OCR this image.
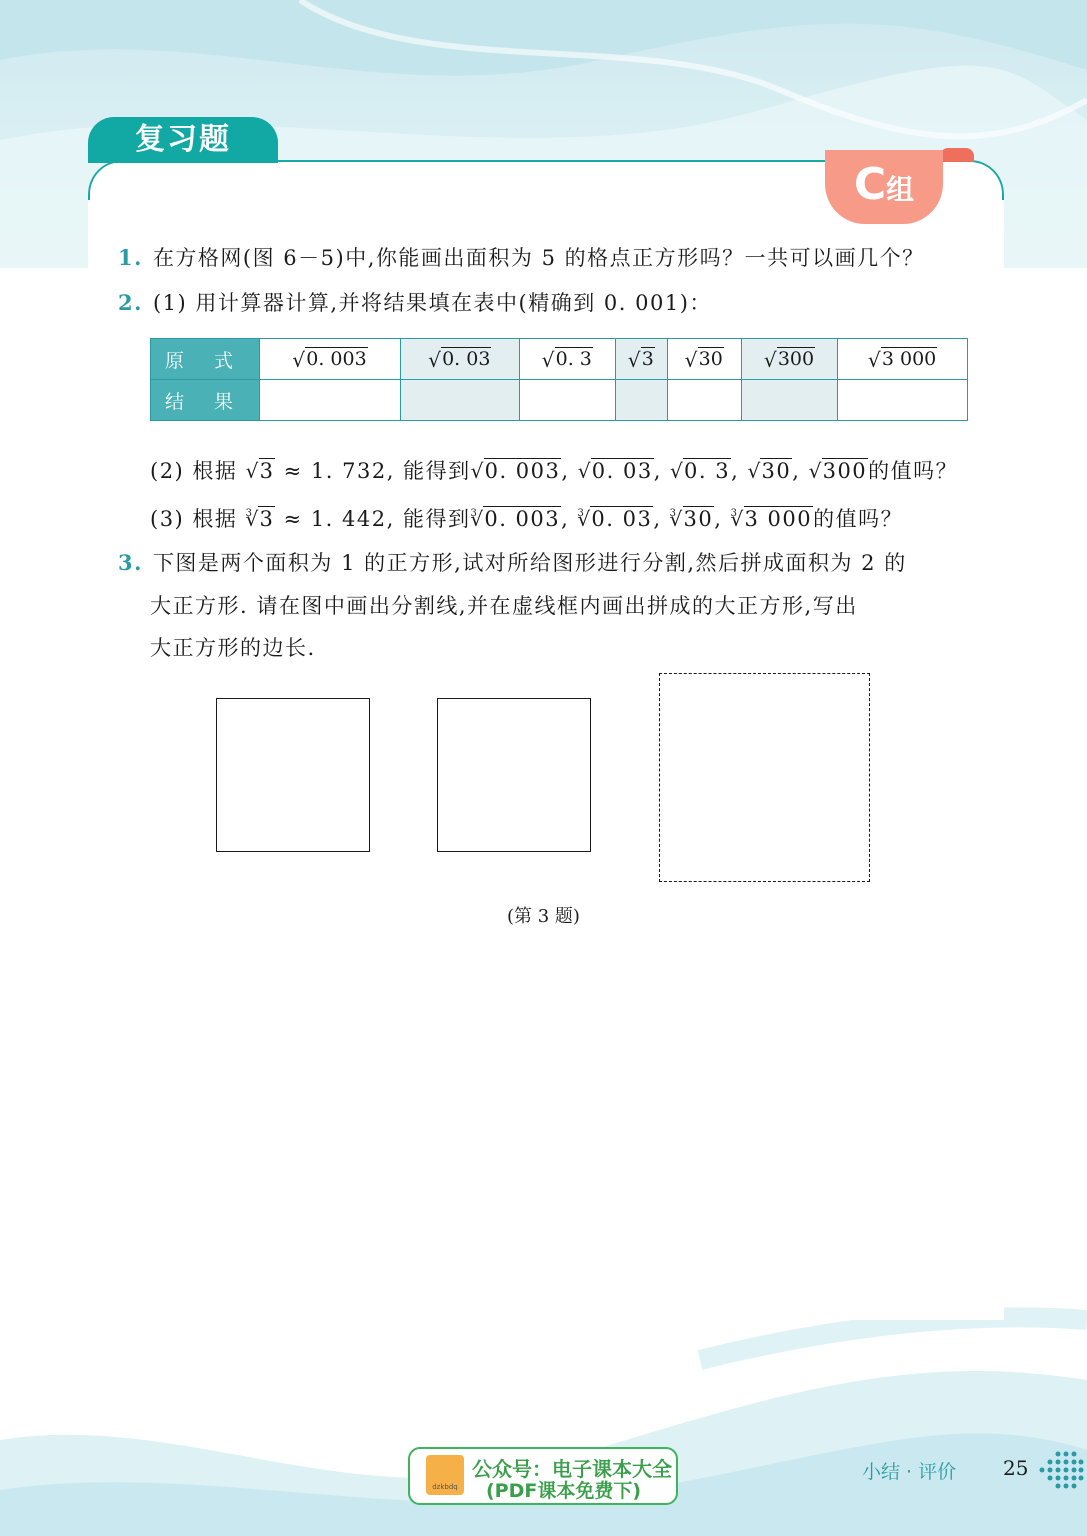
复习题
C组
1. 在方格网(图 6－5)中,你能画出面积为 5 的格点正方形吗？一共可以画几个？
2. (1) 用计算器计算,并将结果填在表中(精确到 0. 001)：
原 式	√ 0. 003	√ 0. 03	√ 0. 3	√ 3	√ 30	√ 300	√ 3 000
结 果							
(2) 根据 √ 3 ≈ 1. 732, 能得到 √ 0. 003, √ 0. 03, √ 0. 3, √ 30, √ 300的值吗？
(3) 根据 $^3$ √ 3 ≈ 1. 442, 能得到$^3$ √ 0. 003, $^3$ √ 0. 03, $^3$ √ 30, $^3$ √ 3 000的值吗？
3. 下图是两个面积为 1 的正方形,试对所给图形进行分割,然后拼成面积为 2 的
大正方形. 请在图中画出分割线,并在虚线框内画出拼成的大正方形,写出
大正方形的边长.
(第 3 题)
dzkbdq
公众号：电子课本大全
(PDF课本免费下)
小结 · 评价 25
